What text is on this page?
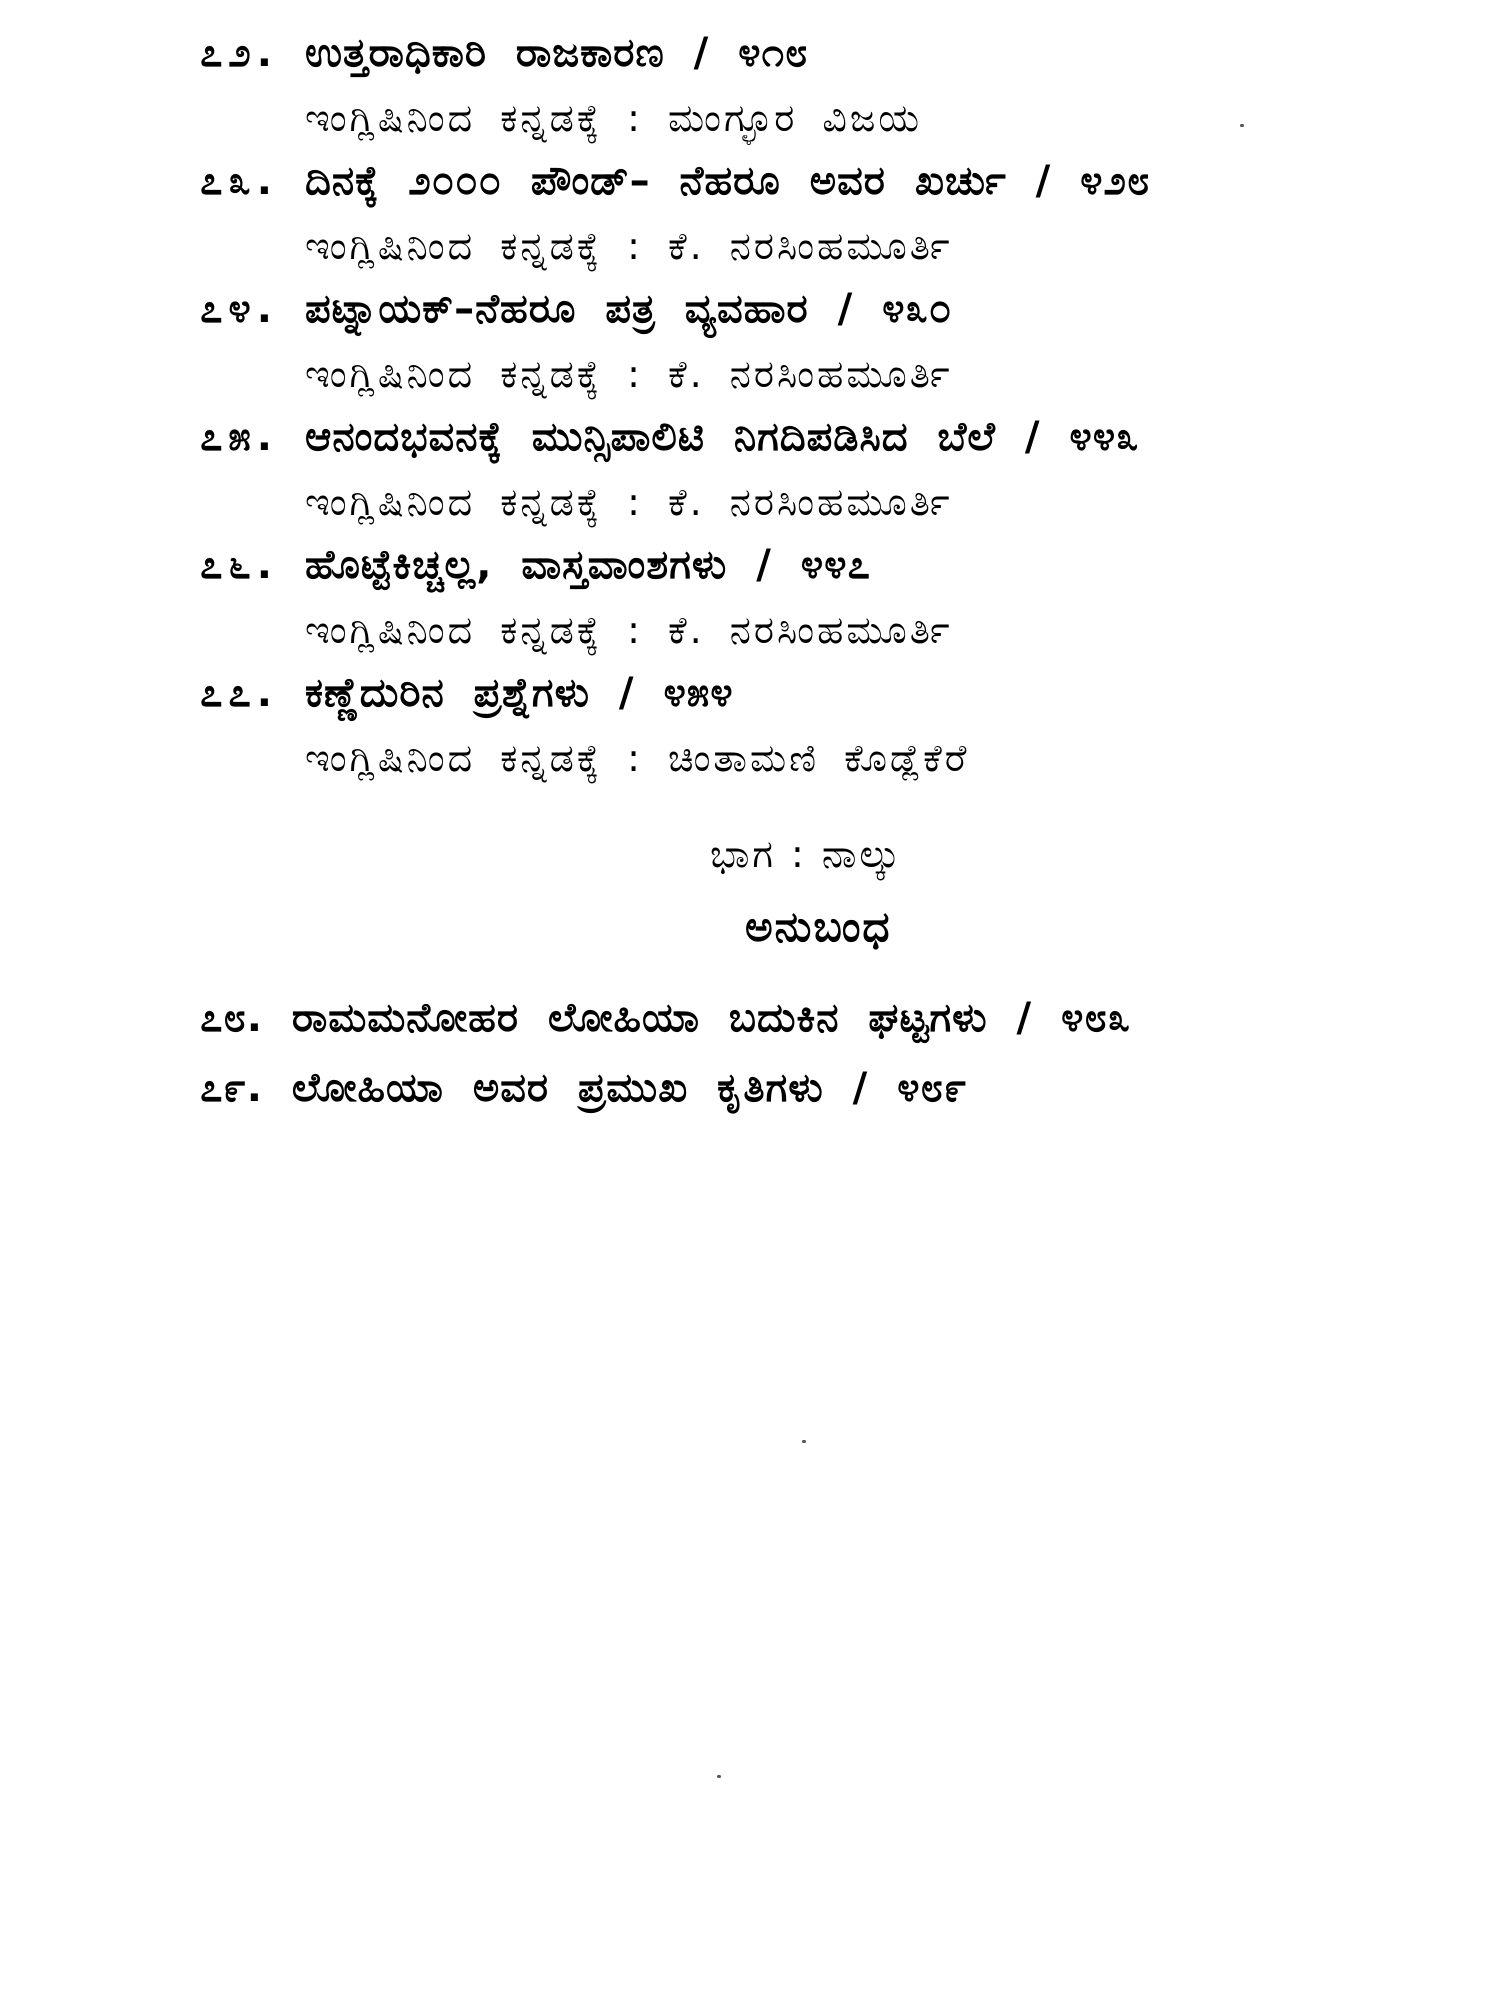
೭೨. ಉತ್ತರಾಧಿಕಾರಿ ರಾಜಕಾರಣ / ೪೧೮
ಇಂಗ್ಲಿಷಿನಿಂದ ಕನ್ನಡಕ್ಕೆ : ಮಂಗ್ಳೂರ ವಿಜಯ
೭೩. ದಿನಕ್ಕೆ ೨೦೦೦ ಪೌಂಡ್– ನೆಹರೂ ಅವರ ಖರ್ಚು / ೪೨೮
ಇಂಗ್ಲಿಷಿನಿಂದ ಕನ್ನಡಕ್ಕೆ : ಕೆ. ನರಸಿಂಹಮೂರ್ತಿ
೭೪. ಪಟ್ನಾಯಕ್–ನೆಹರೂ ಪತ್ರ ವ್ಯವಹಾರ / ೪೩೦
ಇಂಗ್ಲಿಷಿನಿಂದ ಕನ್ನಡಕ್ಕೆ : ಕೆ. ನರಸಿಂಹಮೂರ್ತಿ
೭೫. ಆನಂದಭವನಕ್ಕೆ ಮುನ್ಸಿಪಾಲಿಟಿ ನಿಗದಿಪಡಿಸಿದ ಬೆಲೆ / ೪೪೩
ಇಂಗ್ಲಿಷಿನಿಂದ ಕನ್ನಡಕ್ಕೆ : ಕೆ. ನರಸಿಂಹಮೂರ್ತಿ
೭೬. ಹೊಟ್ಟೆಕಿಚ್ಚಲ್ಲ, ವಾಸ್ತವಾಂಶಗಳು / ೪೪೭
ಇಂಗ್ಲಿಷಿನಿಂದ ಕನ್ನಡಕ್ಕೆ : ಕೆ. ನರಸಿಂಹಮೂರ್ತಿ
೭೭. ಕಣ್ಣೆದುರಿನ ಪ್ರಶ್ನೆಗಳು / ೪೫೪
ಇಂಗ್ಲಿಷಿನಿಂದ ಕನ್ನಡಕ್ಕೆ : ಚಿಂತಾಮಣಿ ಕೊಡ್ಲೆಕೆರೆ
ಭಾಗ : ನಾಲ್ಕು
ಅನುಬಂಧ
೭೮. ರಾಮಮನೋಹರ ಲೋಹಿಯಾ ಬದುಕಿನ ಘಟ್ಟಗಳು / ೪೮೩
೭೯. ಲೋಹಿಯಾ ಅವರ ಪ್ರಮುಖ ಕೃತಿಗಳು / ೪೮೯
